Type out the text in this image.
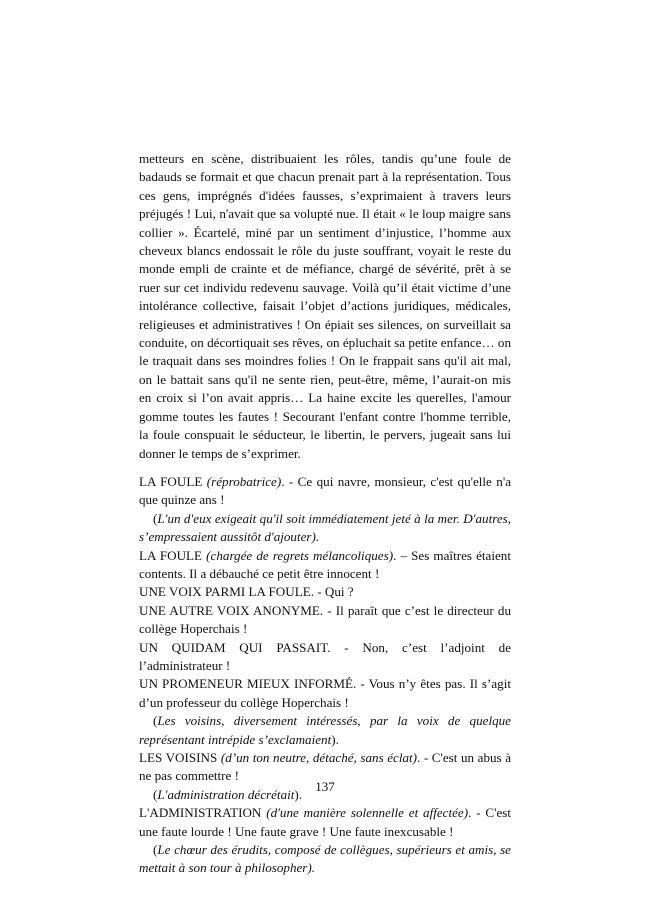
metteurs en scène, distribuaient les rôles, tandis qu’une foule de badauds se formait et que chacun prenait part à la représentation. Tous ces gens, imprégnés d'idées fausses, s’exprimaient à travers leurs préjugés ! Lui, n'avait que sa volupté nue. Il était « le loup maigre sans collier ». Écartelé, miné par un sentiment d’injustice, l’homme aux cheveux blancs endossait le rôle du juste souffrant, voyait le reste du monde empli de crainte et de méfiance, chargé de sévérité, prêt à se ruer sur cet individu redevenu sauvage. Voilà qu’il était victime d’une intolérance collective, faisait l’objet d’actions juridiques, médicales, religieuses et administratives ! On épiait ses silences, on surveillait sa conduite, on décortiquait ses rêves, on épluchait sa petite enfance… on le traquait dans ses moindres folies ! On le frappait sans qu'il ait mal, on le battait sans qu'il ne sente rien, peut-être, même, l’aurait-on mis en croix si l’on avait appris… La haine excite les querelles, l'amour gomme toutes les fautes ! Secourant l'enfant contre l'homme terrible, la foule conspuait le séducteur, le libertin, le pervers, jugeait sans lui donner le temps de s’exprimer.

LA FOULE (réprobatrice). - Ce qui navre, monsieur, c'est qu'elle n'a que quinze ans !

(L'un d'eux exigeait qu'il soit immédiatement jeté à la mer. D'autres, s’empressaient aussitôt d'ajouter).

LA FOULE (chargée de regrets mélancoliques). – Ses maîtres étaient contents. Il a débauché ce petit être innocent !

UNE VOIX PARMI LA FOULE. - Qui ?

UNE AUTRE VOIX ANONYME. - Il paraît que c’est le directeur du collège Hoperchais !

UN QUIDAM QUI PASSAIT. - Non, c’est l’adjoint de l’administrateur !

UN PROMENEUR MIEUX INFORMÉ. - Vous n’y êtes pas. Il s’agit d’un professeur du collège Hoperchais !

(Les voisins, diversement intéressés, par la voix de quelque représentant intrépide s’exclamaient).

LES VOISINS (d’un ton neutre, détaché, sans éclat). - C'est un abus à ne pas commettre !

(L'administration décrétait).

L'ADMINISTRATION (d'une manière solennelle et affectée). - C'est une faute lourde ! Une faute grave ! Une faute inexcusable !

(Le chœur des érudits, composé de collègues, supérieurs et amis, se mettait à son tour à philosopher).

137
